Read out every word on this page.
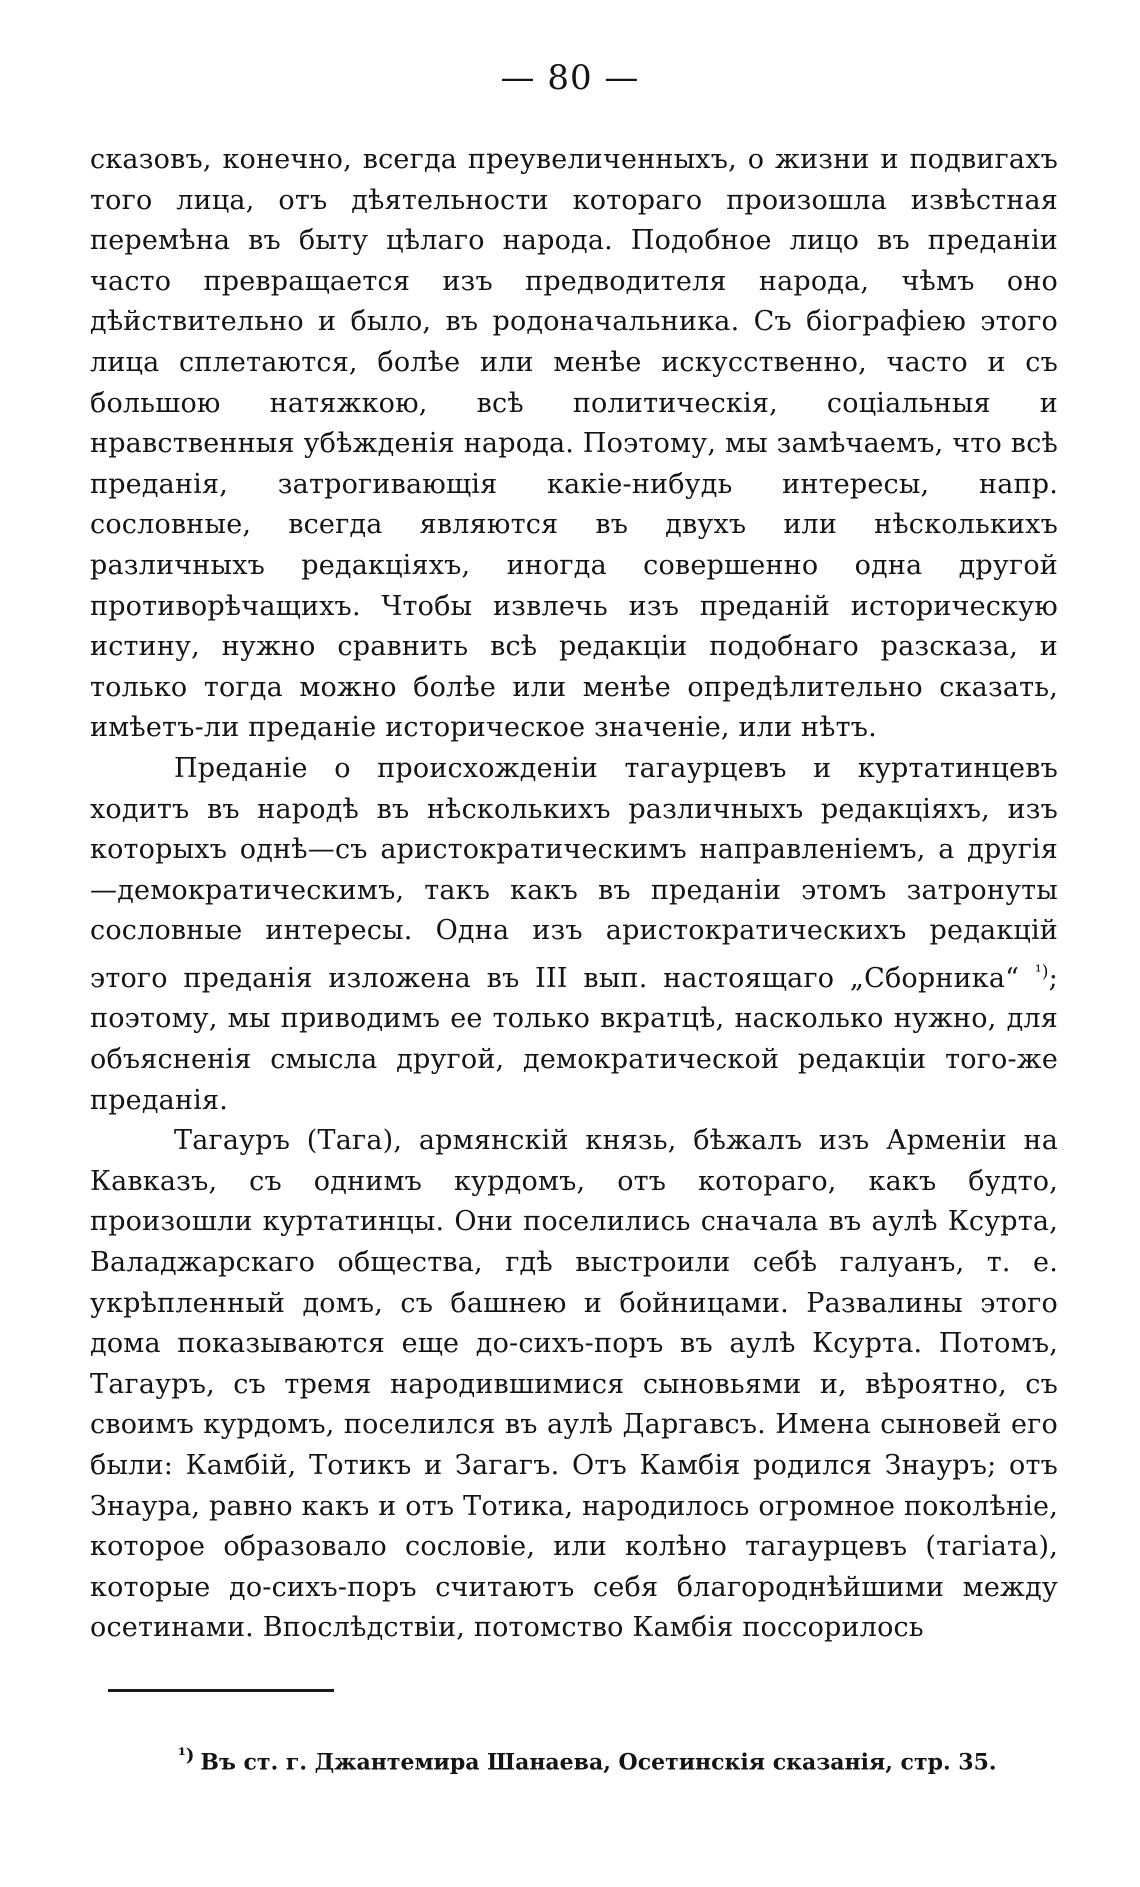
— 80 —

сказовъ, конечно, всегда преувеличенныхъ, о жизни и подвигахъ того лица, отъ дѣятельности котораго произошла извѣстная перемѣна въ быту цѣлаго народа. Подобное лицо въ преданіи часто превращается изъ предводителя народа, чѣмъ оно дѣйствительно и было, въ родоначальника. Съ біографіею этого лица сплетаются, болѣе или менѣе искусственно, часто и съ большою натяжкою, всѣ политическія, соціальныя и нравственныя убѣжденія народа. Поэтому, мы замѣчаемъ, что всѣ преданія, затрогивающія какіе-нибудь интересы, напр. сословные, всегда являются въ двухъ или нѣсколькихъ различныхъ редакціяхъ, иногда совершенно одна другой противорѣчащихъ. Чтобы извлечь изъ преданій историческую истину, нужно сравнить всѣ редакціи подобнаго разсказа, и только тогда можно болѣе или менѣе опредѣлительно сказать, имѣетъ-ли преданіе историческое значеніе, или нѣтъ.

Преданіе о происхожденіи тагаурцевъ и куртатинцевъ ходитъ въ народѣ въ нѣсколькихъ различныхъ редакціяхъ, изъ которыхъ однѣ—съ аристократическимъ направленіемъ, а другія—демократическимъ, такъ какъ въ преданіи этомъ затронуты сословные интересы. Одна изъ аристократическихъ редакцій этого преданія изложена въ III вып. настоящаго „Сборника“ $^{^1)}$; поэтому, мы приводимъ ее только вкратцѣ, насколько нужно, для объясненія смысла другой, демократической редакціи того-же преданія.

Тагауръ (Тага), армянскій князь, бѣжалъ изъ Арменіи на Кавказъ, съ однимъ курдомъ, отъ котораго, какъ будто, произошли куртатинцы. Они поселились сначала въ аулѣ Ксурта, Валаджарскаго общества, гдѣ выстроили себѣ галуанъ, т. е. укрѣпленный домъ, съ башнею и бойницами. Развалины этого дома показываются еще до-сихъ-поръ въ аулѣ Ксурта. Потомъ, Тагауръ, съ тремя народившимися сыновьями и, вѣроятно, съ своимъ курдомъ, поселился въ аулѣ Даргавсъ. Имена сыновей его были: Камбій, Тотикъ и Загагъ. Отъ Камбія родился Знауръ; отъ Знаура, равно какъ и отъ Тотика, народилось огромное поколѣніе, которое образовало сословіе, или колѣно тагаурцевъ (тагіата), которые до-сихъ-поръ считаютъ себя благороднѣйшими между осетинами. Впослѣдствіи, потомство Камбія поссорилось

$^{^1)}$ Въ ст. г. Джантемира Шанаева, Осетинскія сказанія, стр. 35.
